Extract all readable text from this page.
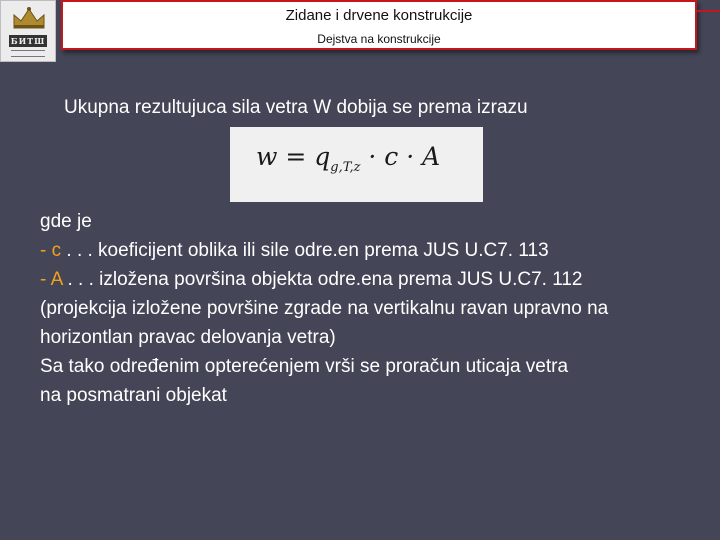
БИТШ
Zidane i drvene konstrukcije
Dejstva na konstrukcije
Ukupna rezultujuca sila vetra W dobija se prema izrazu
$w = q_{g,T,z} \cdot c \cdot A$
gde je
- c . . . koeficijent oblika ili sile odre.en prema JUS U.C7. 113
- A . . . izložena površina objekta odre.ena prema JUS U.C7. 112
(projekcija izložene površine zgrade na vertikalnu ravan upravno na
horizontlan pravac delovanja vetra)
Sa tako određenim opterećenjem vrši se proračun uticaja vetra
na posmatrani objekat
